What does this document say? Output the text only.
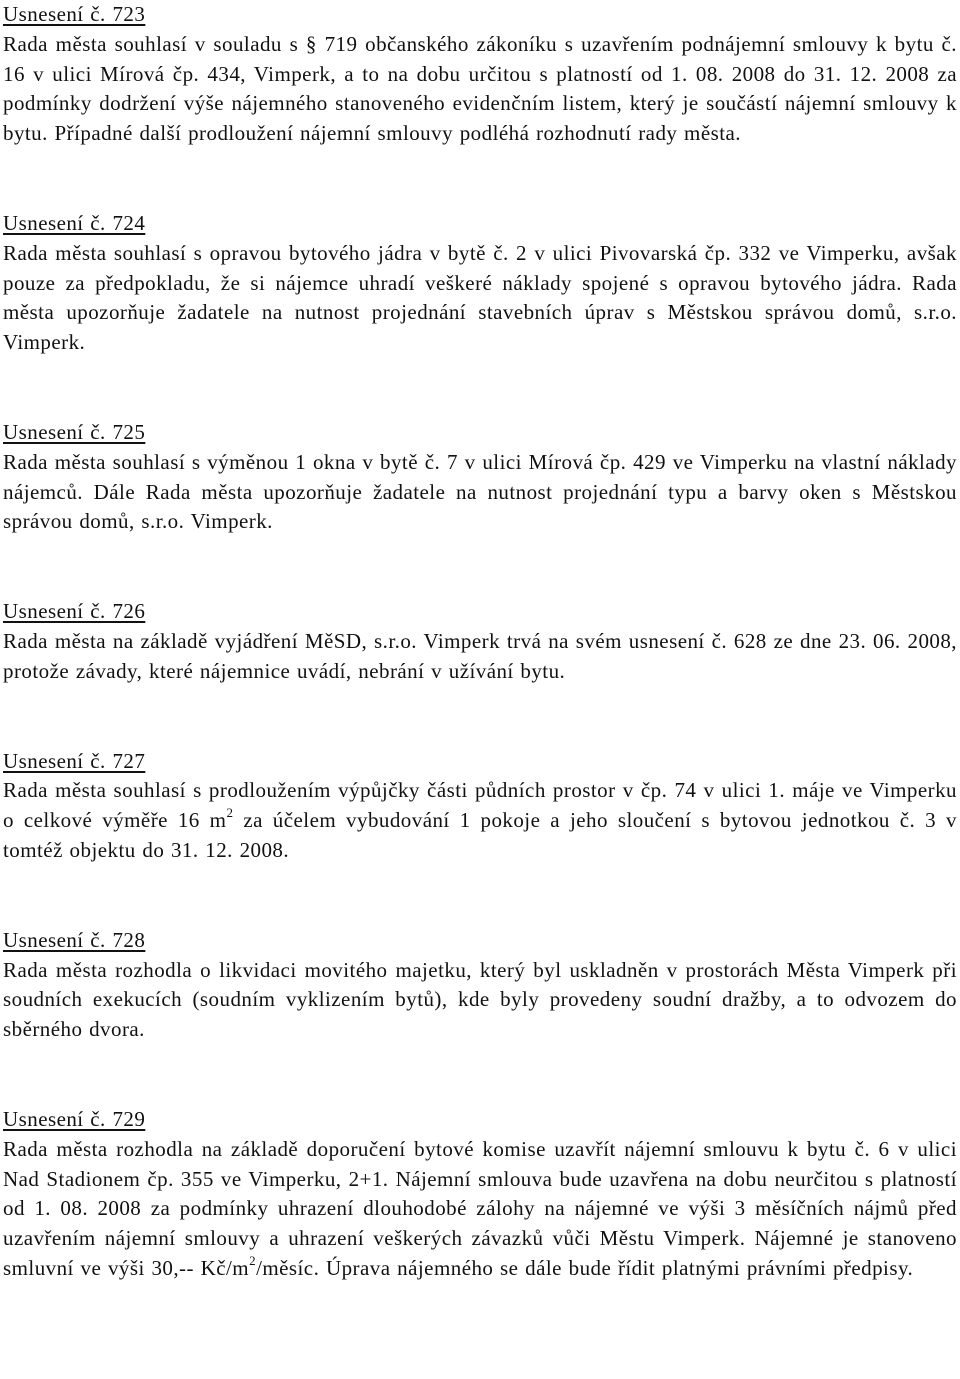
Usnesení č. 723

Rada města souhlasí v souladu s § 719 občanského zákoníku s uzavřením podnájemní smlouvy k bytu č. 16 v ulici Mírová čp. 434, Vimperk, a to na dobu určitou s platností od 1. 08. 2008 do 31. 12. 2008 za podmínky dodržení výše nájemného stanoveného evidenčním listem, který je součástí nájemní smlouvy k bytu. Případné další prodloužení nájemní smlouvy podléhá rozhodnutí rady města.

Usnesení č. 724

Rada města souhlasí s opravou bytového jádra v bytě č. 2 v ulici Pivovarská čp. 332 ve Vimperku, avšak pouze za předpokladu, že si nájemce uhradí veškeré náklady spojené s opravou bytového jádra. Rada města upozorňuje žadatele na nutnost projednání stavebních úprav s Městskou správou domů, s.r.o. Vimperk.

Usnesení č. 725

Rada města souhlasí s výměnou 1 okna v bytě č. 7 v ulici Mírová čp. 429 ve Vimperku na vlastní náklady nájemců. Dále Rada města upozorňuje žadatele na nutnost projednání typu a barvy oken s Městskou správou domů, s.r.o. Vimperk.

Usnesení č. 726

Rada města na základě vyjádření MěSD, s.r.o. Vimperk trvá na svém usnesení č. 628 ze dne 23. 06. 2008, protože závady, které nájemnice uvádí, nebrání v užívání bytu.

Usnesení č. 727

Rada města souhlasí s prodloužením výpůjčky části půdních prostor v čp. 74 v ulici 1. máje ve Vimperku o celkové výměře 16 $m^2$ za účelem vybudování 1 pokoje a jeho sloučení s bytovou jednotkou č. 3 v tomtéž objektu do 31. 12. 2008.

Usnesení č. 728

Rada města rozhodla o likvidaci movitého majetku, který byl uskladněn v prostorách Města Vimperk při soudních exekucích (soudním vyklizením bytů), kde byly provedeny soudní dražby, a to odvozem do sběrného dvora.

Usnesení č. 729

Rada města rozhodla na základě doporučení bytové komise uzavřít nájemní smlouvu k bytu č. 6 v ulici Nad Stadionem čp. 355 ve Vimperku, 2+1. Nájemní smlouva bude uzavřena na dobu neurčitou s platností od 1. 08. 2008 za podmínky uhrazení dlouhodobé zálohy na nájemné ve výši 3 měsíčních nájmů před uzavřením nájemní smlouvy a uhrazení veškerých závazků vůči Městu Vimperk. Nájemné je stanoveno smluvní ve výši 30,-- $Kč/m^2$/měsíc. Úprava nájemného se dále bude řídit platnými právními předpisy.
